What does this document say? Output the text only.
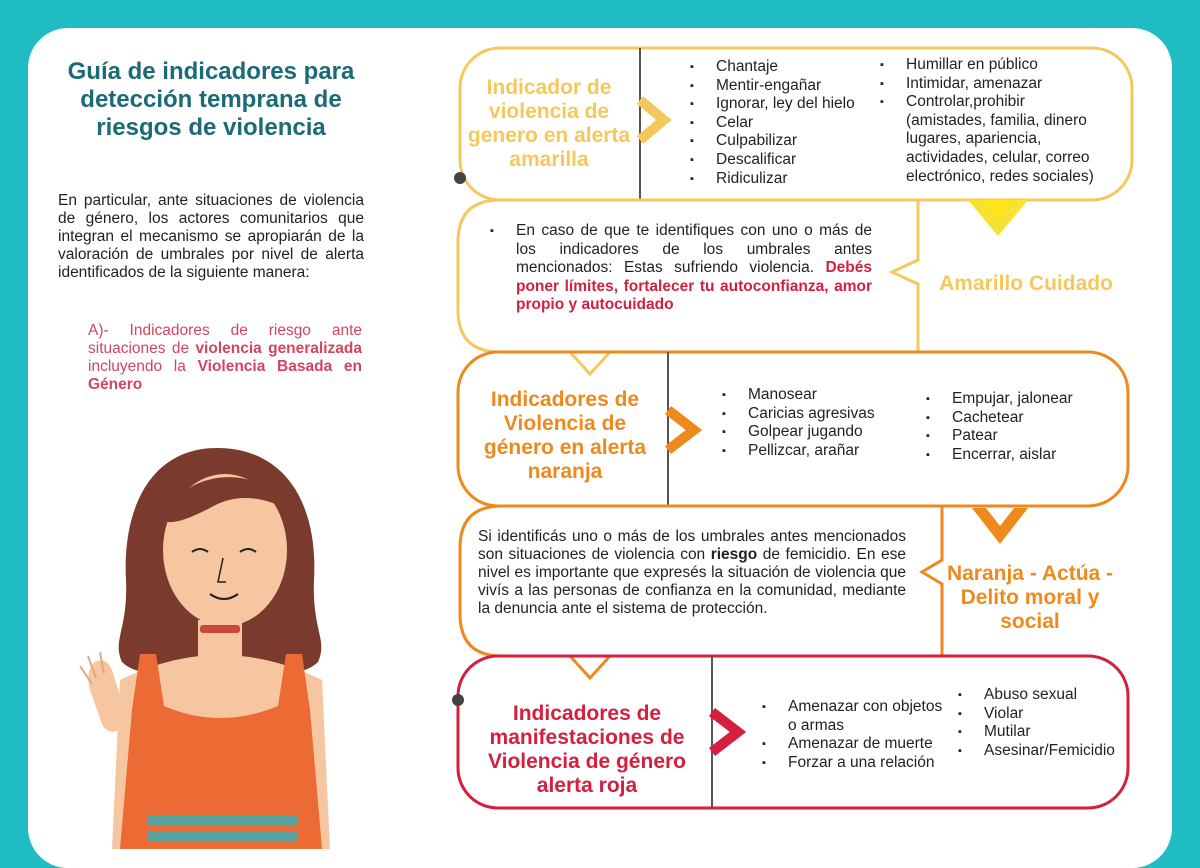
Guía de indicadores para detección temprana de riesgos de violencia
En particular, ante situaciones de violencia de género, los actores comunitarios que integran el mecanismo se apropiarán de la valoración de umbrales por nivel de alerta identificados de la siguiente manera:
A)- Indicadores de riesgo ante situaciones de violencia generalizada incluyendo la Violencia Basada en Género
Indicador de violencia de genero en alerta amarilla
▪ Chantaje
▪ Mentir-engañar
▪ Ignorar, ley del hielo
▪ Celar
▪ Culpabilizar
▪ Descalificar
▪ Ridiculizar
▪ Humillar en público
▪ Intimidar, amenazar
▪ Controlar,prohibir (amistades, familia, dinero lugares, apariencia, actividades, celular, correo electrónico, redes sociales)
▪ En caso de que te identifiques con uno o más de los indicadores de los umbrales antes mencionados: Estas sufriendo violencia. Debés poner límites, fortalecer tu autoconfianza, amor propio y autocuidado
Amarillo Cuidado
Indicadores de Violencia de género en alerta naranja
▪ Manosear
▪ Caricias agresivas
▪ Golpear jugando
▪ Pellizcar, arañar
▪ Empujar, jalonear
▪ Cachetear
▪ Patear
▪ Encerrar, aislar
Si identificás uno o más de los umbrales antes mencionados son situaciones de violencia con riesgo de femicidio. En ese nivel es importante que expresés la situación de violencia que vivís a las personas de confianza en la comunidad, mediante la denuncia ante el sistema de protección.
Naranja - Actúa - Delito moral y social
Indicadores de manifestaciones de Violencia de género alerta roja
▪ Amenazar con objetos o armas
▪ Amenazar de muerte
▪ Forzar a una relación
▪ Abuso sexual
▪ Violar
▪ Mutilar
▪ Asesinar/Femicidio
